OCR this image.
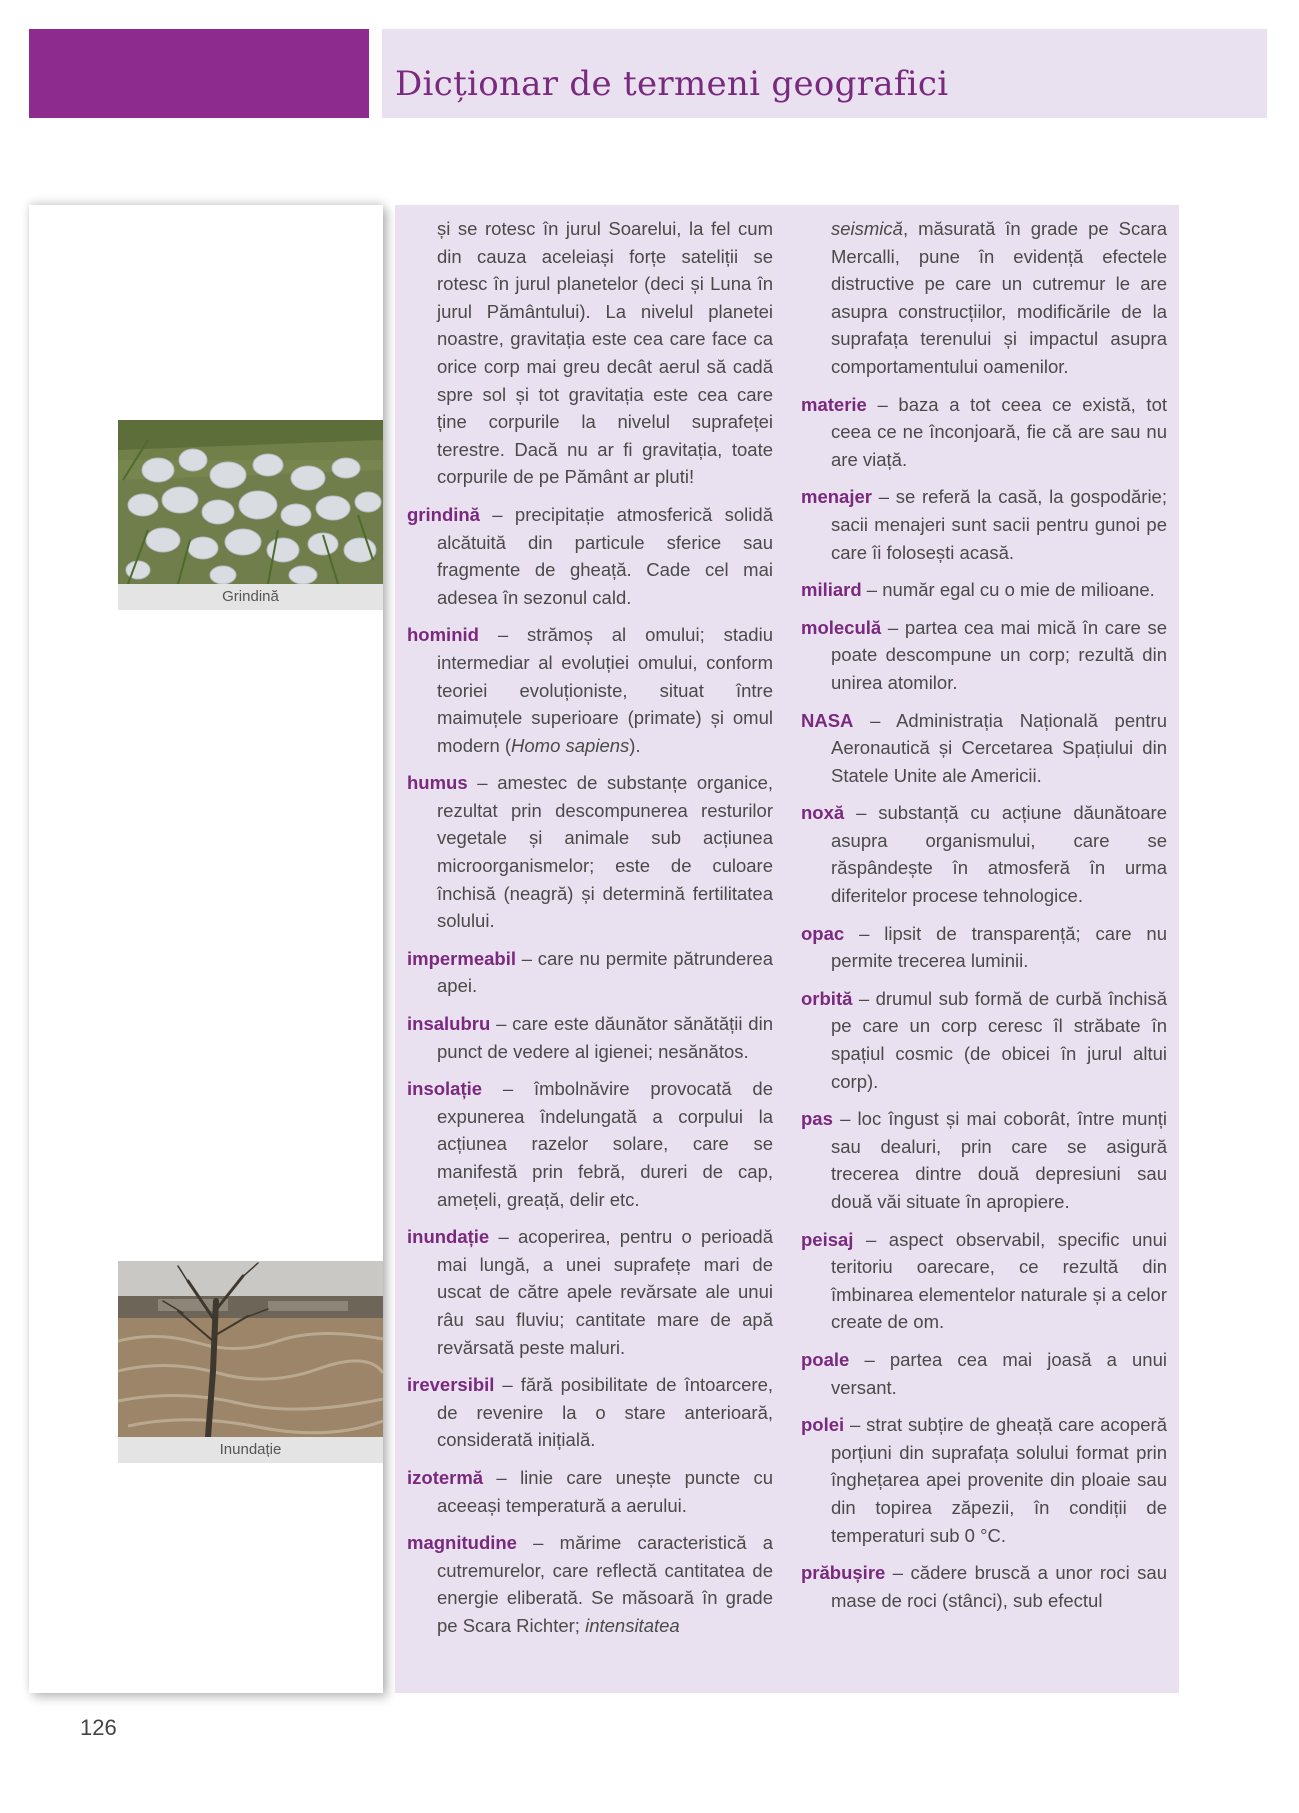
Dicționar de termeni geografici
Grindină
Inundație

și se rotesc în jurul Soarelui, la fel cum din cauza aceleiași forțe sateliții se rotesc în jurul planetelor (deci și Luna în jurul Pământului). La nivelul planetei noastre, gravitația este cea care face ca orice corp mai greu decât aerul să cadă spre sol și tot gravitația este cea care ține corpurile la nivelul suprafeței terestre. Dacă nu ar fi gravitația, toate corpurile de pe Pământ ar pluti!

grindină – precipitație atmosferică solidă alcătuită din particule sferice sau fragmente de gheață. Cade cel mai adesea în sezonul cald.

hominid – strămoș al omului; stadiu intermediar al evoluției omului, conform teoriei evoluționiste, situat între maimuțele superioare (primate) și omul modern (Homo sapiens).

humus – amestec de substanțe organice, rezultat prin descompunerea resturilor vegetale și animale sub acțiunea microorganismelor; este de culoare închisă (neagră) și determină fertilitatea solului.

impermeabil – care nu permite pătrunderea apei.

insalubru – care este dăunător sănătății din punct de vedere al igienei; nesănătos.

insolație – îmbolnăvire provocată de expunerea îndelungată a corpului la acțiunea razelor solare, care se manifestă prin febră, dureri de cap, amețeli, greață, delir etc.

inundație – acoperirea, pentru o perioadă mai lungă, a unei suprafețe mari de uscat de către apele revărsate ale unui râu sau fluviu; cantitate mare de apă revărsată peste maluri.

ireversibil – fără posibilitate de întoarcere, de revenire la o stare anterioară, considerată inițială.

izotermă – linie care unește puncte cu aceeași temperatură a aerului.

magnitudine – mărime caracteristică a cutremurelor, care reflectă cantitatea de energie eliberată. Se măsoară în grade pe Scara Richter; intensitatea

seismică, măsurată în grade pe Scara Mercalli, pune în evidență efectele distructive pe care un cutremur le are asupra construcțiilor, modificările de la suprafața terenului și impactul asupra comportamentului oamenilor.

materie – baza a tot ceea ce există, tot ceea ce ne înconjoară, fie că are sau nu are viață.

menajer – se referă la casă, la gospodărie; sacii menajeri sunt sacii pentru gunoi pe care îi folosești acasă.

miliard – număr egal cu o mie de milioane.

moleculă – partea cea mai mică în care se poate descompune un corp; rezultă din unirea atomilor.

NASA – Administrația Națională pentru Aeronautică și Cercetarea Spațiului din Statele Unite ale Americii.

noxă – substanță cu acțiune dăunătoare asupra organismului, care se răspândește în atmosferă în urma diferitelor procese tehnologice.

opac – lipsit de transparență; care nu permite trecerea luminii.

orbită – drumul sub formă de curbă închisă pe care un corp ceresc îl străbate în spațiul cosmic (de obicei în jurul altui corp).

pas – loc îngust și mai coborât, între munți sau dealuri, prin care se asigură trecerea dintre două depresiuni sau două văi situate în apropiere.

peisaj – aspect observabil, specific unui teritoriu oarecare, ce rezultă din îmbinarea elementelor naturale și a celor create de om.

poale – partea cea mai joasă a unui versant.

polei – strat subțire de gheață care acoperă porțiuni din suprafața solului format prin înghețarea apei provenite din ploaie sau din topirea zăpezii, în condiții de temperaturi sub 0 °C.

prăbușire – cădere bruscă a unor roci sau mase de roci (stânci), sub efectul

126
